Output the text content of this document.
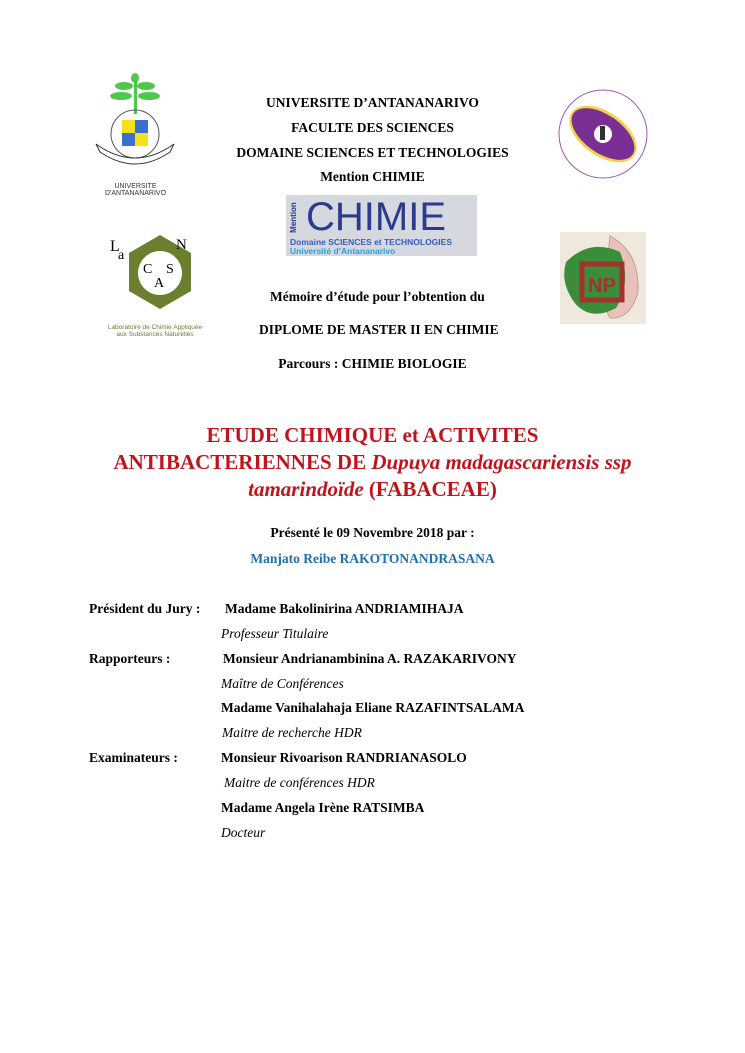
UNIVERSITE D'ANTANANARIVO
UNIVERSITE D’ANTANANARIVO
FACULTE DES SCIENCES
DOMAINE SCIENCES ET TECHNOLOGIES
Mention CHIMIE
Mention CHIMIE
Domaine SCIENCES et TECHNOLOGIES
Université d’Antananarivo
L
a
N
C S
A
Laboratoire de Chimie Appliquée
aux Substances Naturelles
NP
Mémoire d’étude pour l’obtention du
DIPLOME DE MASTER II EN CHIMIE
Parcours : CHIMIE BIOLOGIE
ETUDE CHIMIQUE et ACTIVITES
ANTIBACTERIENNES DE Dupuya madagascariensis ssp
tamarindoïde (FABACEAE)
Présenté le 09 Novembre 2018 par :
Manjato Reibe RAKOTONANDRASANA
Président du Jury : Madame Bakolinirina ANDRIAMIHAJA
Professeur Titulaire
Rapporteurs :	Monsieur Andrianambinina A. RAZAKARIVONY
Maître de Conférences
Madame Vanihalahaja Eliane RAZAFINTSALAMA
Maitre de recherche HDR
Examinateurs :	Monsieur Rivoarison RANDRIANASOLO
Maitre de conférences HDR
Madame Angela Irène RATSIMBA
Docteur
